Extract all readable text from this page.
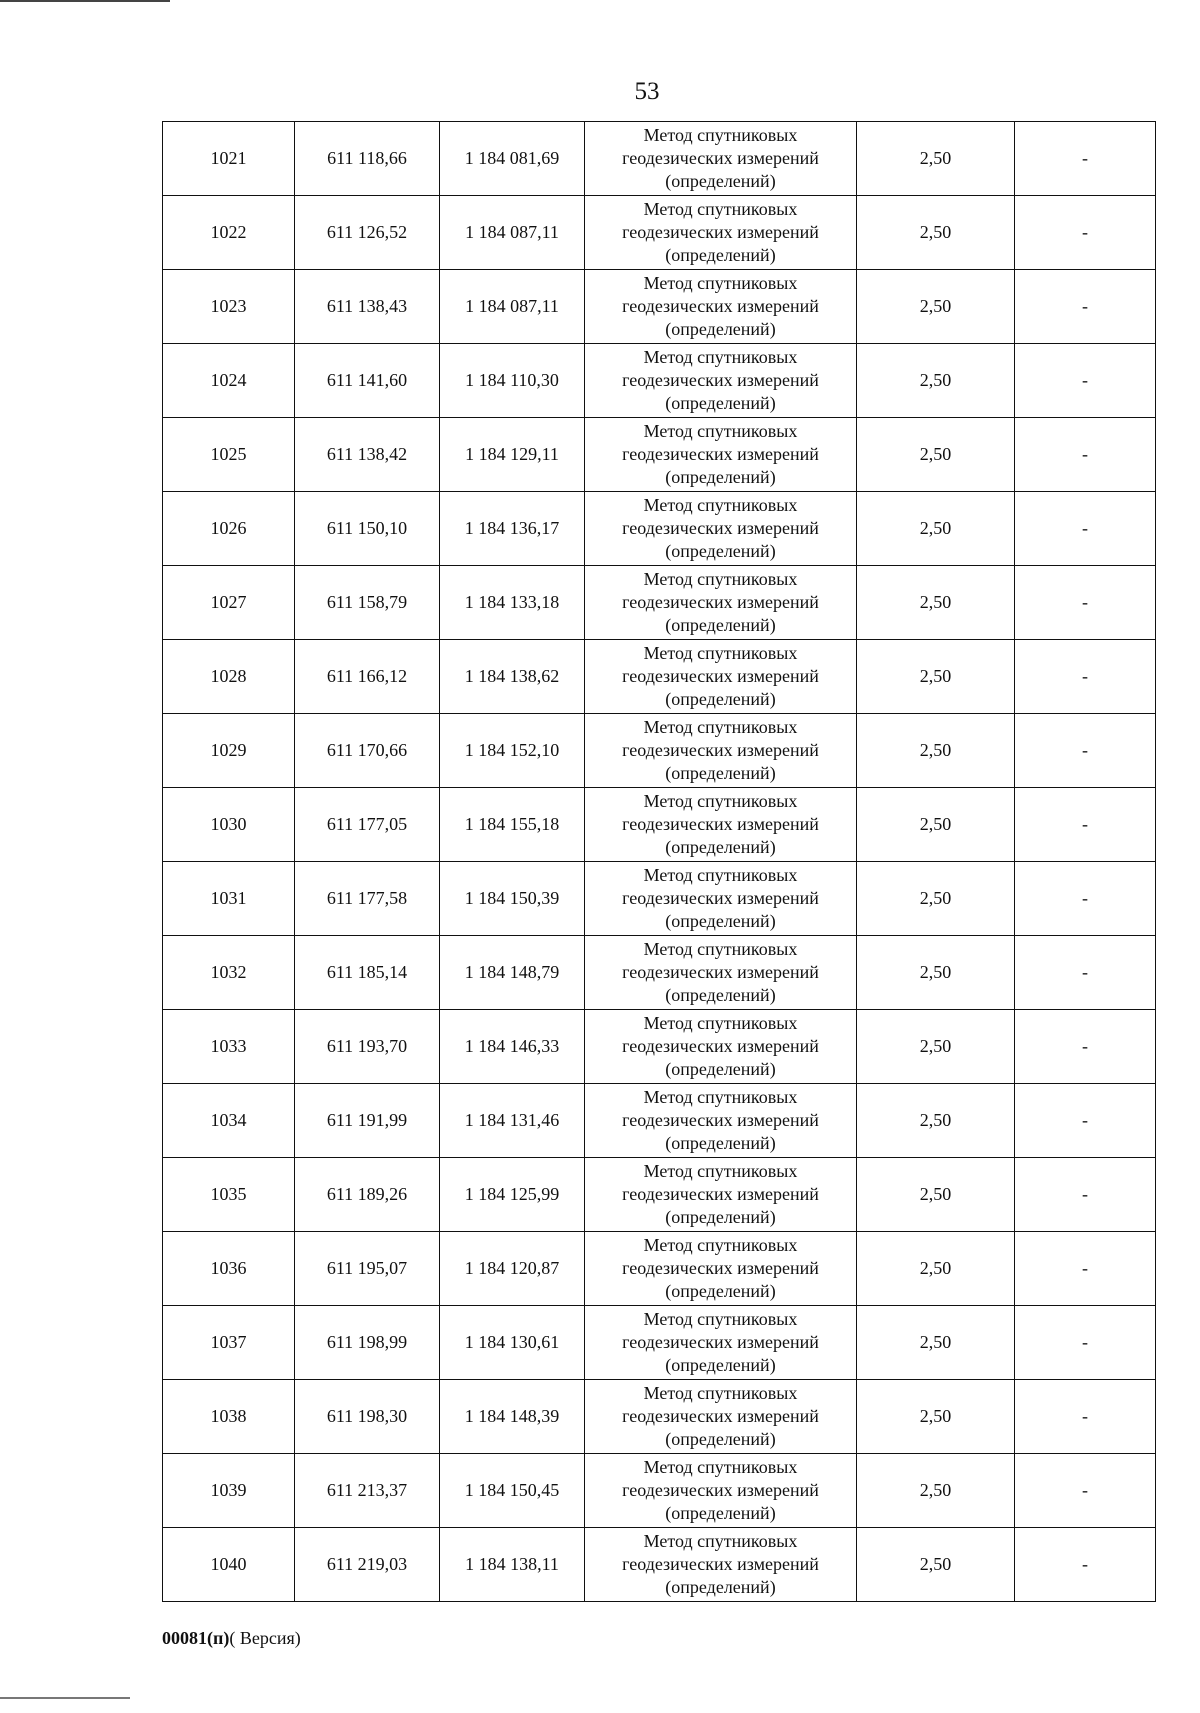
53
1021	611 118,66	1 184 081,69	Метод спутниковых
геодезических измерений
(определений)	2,50	-
1022	611 126,52	1 184 087,11	Метод спутниковых
геодезических измерений
(определений)	2,50	-
1023	611 138,43	1 184 087,11	Метод спутниковых
геодезических измерений
(определений)	2,50	-
1024	611 141,60	1 184 110,30	Метод спутниковых
геодезических измерений
(определений)	2,50	-
1025	611 138,42	1 184 129,11	Метод спутниковых
геодезических измерений
(определений)	2,50	-
1026	611 150,10	1 184 136,17	Метод спутниковых
геодезических измерений
(определений)	2,50	-
1027	611 158,79	1 184 133,18	Метод спутниковых
геодезических измерений
(определений)	2,50	-
1028	611 166,12	1 184 138,62	Метод спутниковых
геодезических измерений
(определений)	2,50	-
1029	611 170,66	1 184 152,10	Метод спутниковых
геодезических измерений
(определений)	2,50	-
1030	611 177,05	1 184 155,18	Метод спутниковых
геодезических измерений
(определений)	2,50	-
1031	611 177,58	1 184 150,39	Метод спутниковых
геодезических измерений
(определений)	2,50	-
1032	611 185,14	1 184 148,79	Метод спутниковых
геодезических измерений
(определений)	2,50	-
1033	611 193,70	1 184 146,33	Метод спутниковых
геодезических измерений
(определений)	2,50	-
1034	611 191,99	1 184 131,46	Метод спутниковых
геодезических измерений
(определений)	2,50	-
1035	611 189,26	1 184 125,99	Метод спутниковых
геодезических измерений
(определений)	2,50	-
1036	611 195,07	1 184 120,87	Метод спутниковых
геодезических измерений
(определений)	2,50	-
1037	611 198,99	1 184 130,61	Метод спутниковых
геодезических измерений
(определений)	2,50	-
1038	611 198,30	1 184 148,39	Метод спутниковых
геодезических измерений
(определений)	2,50	-
1039	611 213,37	1 184 150,45	Метод спутниковых
геодезических измерений
(определений)	2,50	-
1040	611 219,03	1 184 138,11	Метод спутниковых
геодезических измерений
(определений)	2,50	-
00081(п)( Версия)
